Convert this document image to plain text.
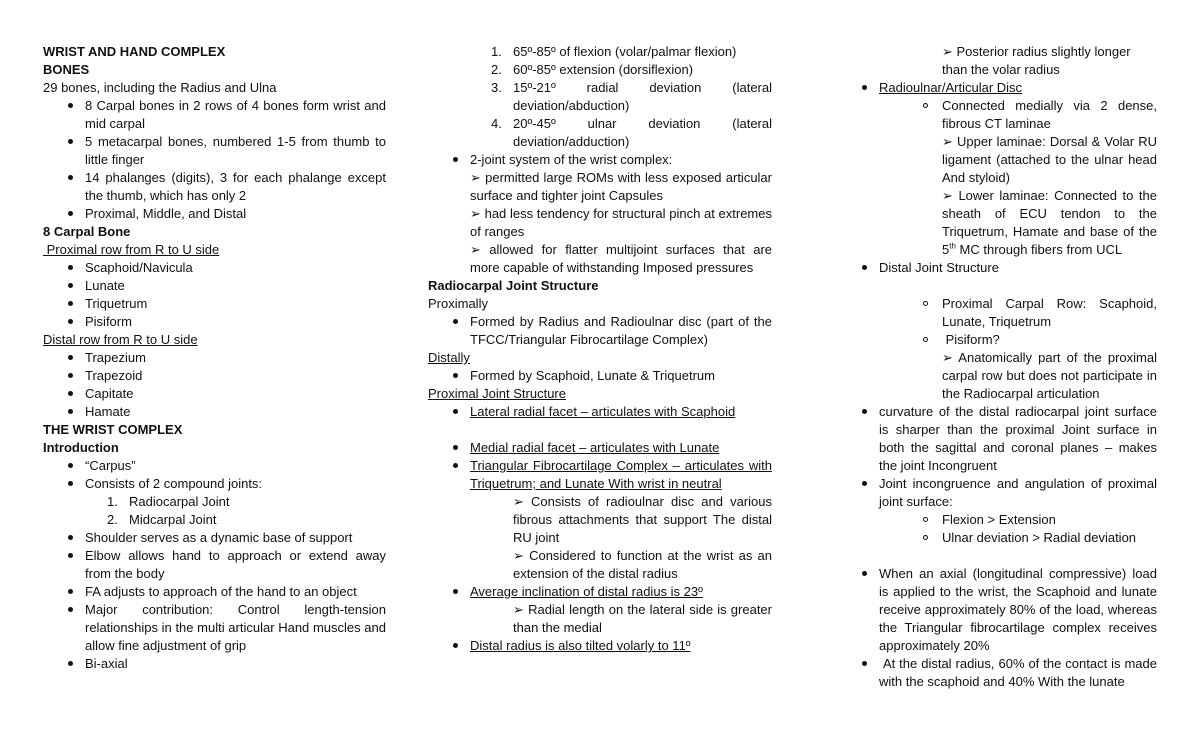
WRIST AND HAND COMPLEX

BONES

29 bones, including the Radius and Ulna

8 Carpal bones in 2 rows of 4 bones form wrist and mid carpal

5 metacarpal bones, numbered 1-5 from thumb to little finger

14 phalanges (digits), 3 for each phalange except the thumb, which has only 2

Proximal, Middle, and Distal

8 Carpal Bone

Proximal row from R to U side

Scaphoid/Navicula

Lunate

Triquetrum

Pisiform

Distal row from R to U side

Trapezium

Trapezoid

Capitate

Hamate

THE WRIST COMPLEX

Introduction

“Carpus”

Consists of 2 compound joints:

1. Radiocarpal Joint

2. Midcarpal Joint

Shoulder serves as a dynamic base of support

Elbow allows hand to approach or extend away from the body

FA adjusts to approach of the hand to an object

Major contribution: Control length-tension relationships in the multi articular Hand muscles and allow fine adjustment of grip

Bi-axial

1. 65º-85º of flexion (volar/palmar flexion)

2. 60º-85º extension (dorsiflexion)

3. 15º-21º radial deviation (lateral deviation/abduction)

4. 20º-45º ulnar deviation (lateral deviation/adduction)

2-joint system of the wrist complex:

➢ permitted large ROMs with less exposed articular surface and tighter joint Capsules

➢ had less tendency for structural pinch at extremes of ranges

➢ allowed for flatter multijoint surfaces that are more capable of withstanding Imposed pressures

Radiocarpal Joint Structure

Proximally

Formed by Radius and Radioulnar disc (part of the TFCC/Triangular Fibrocartilage Complex)

Distally

Formed by Scaphoid, Lunate & Triquetrum

Proximal Joint Structure

Lateral radial facet – articulates with Scaphoid

Medial radial facet – articulates with Lunate

Triangular Fibrocartilage Complex – articulates with Triquetrum; and Lunate With wrist in neutral

➢ Consists of radioulnar disc and various fibrous attachments that support The distal RU joint

➢ Considered to function at the wrist as an extension of the distal radius

Average inclination of distal radius is 23º

➢ Radial length on the lateral side is greater than the medial

Distal radius is also tilted volarly to 11º

➢ Posterior radius slightly longer than the volar radius

Radioulnar/Articular Disc

Connected medially via 2 dense, fibrous CT laminae

➢ Upper laminae: Dorsal & Volar RU ligament (attached to the ulnar head And styloid)

➢ Lower laminae: Connected to the sheath of ECU tendon to the Triquetrum, Hamate and base of the 5th MC through fibers from UCL

Distal Joint Structure

Proximal Carpal Row: Scaphoid, Lunate, Triquetrum

Pisiform?

➢ Anatomically part of the proximal carpal row but does not participate in the Radiocarpal articulation

curvature of the distal radiocarpal joint surface is sharper than the proximal Joint surface in both the sagittal and coronal planes – makes the joint Incongruent

Joint incongruence and angulation of proximal joint surface:

Flexion > Extension

Ulnar deviation > Radial deviation

When an axial (longitudinal compressive) load is applied to the wrist, the Scaphoid and lunate receive approximately 80% of the load, whereas the Triangular fibrocartilage complex receives approximately 20%

At the distal radius, 60% of the contact is made with the scaphoid and 40% With the lunate
